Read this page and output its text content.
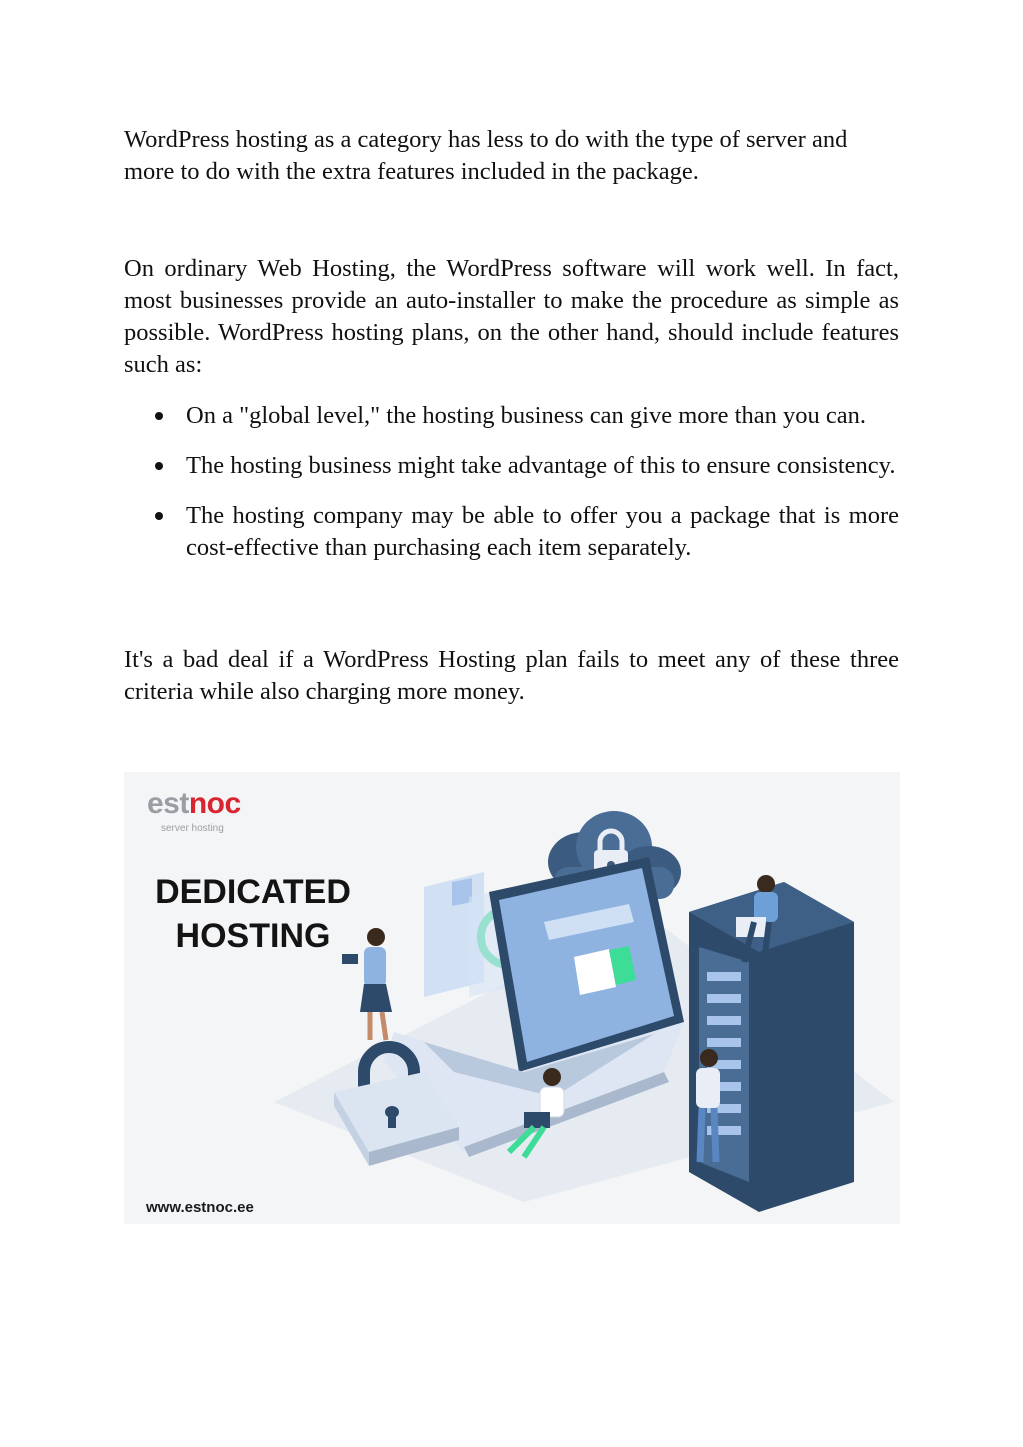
WordPress hosting as a category has less to do with the type of server and more to do with the extra features included in the package.

On ordinary Web Hosting, the WordPress software will work well. In fact, most businesses provide an auto-installer to make the procedure as simple as possible. WordPress hosting plans, on the other hand, should include features such as:

On a "global level," the hosting business can give more than you can.
The hosting business might take advantage of this to ensure consistency.
The hosting company may be able to offer you a package that is more cost-effective than purchasing each item separately.

It's a bad deal if a WordPress Hosting plan fails to meet any of these three criteria while also charging more money.

estnoc
server hosting
DEDICATED
HOSTING
www.estnoc.ee
